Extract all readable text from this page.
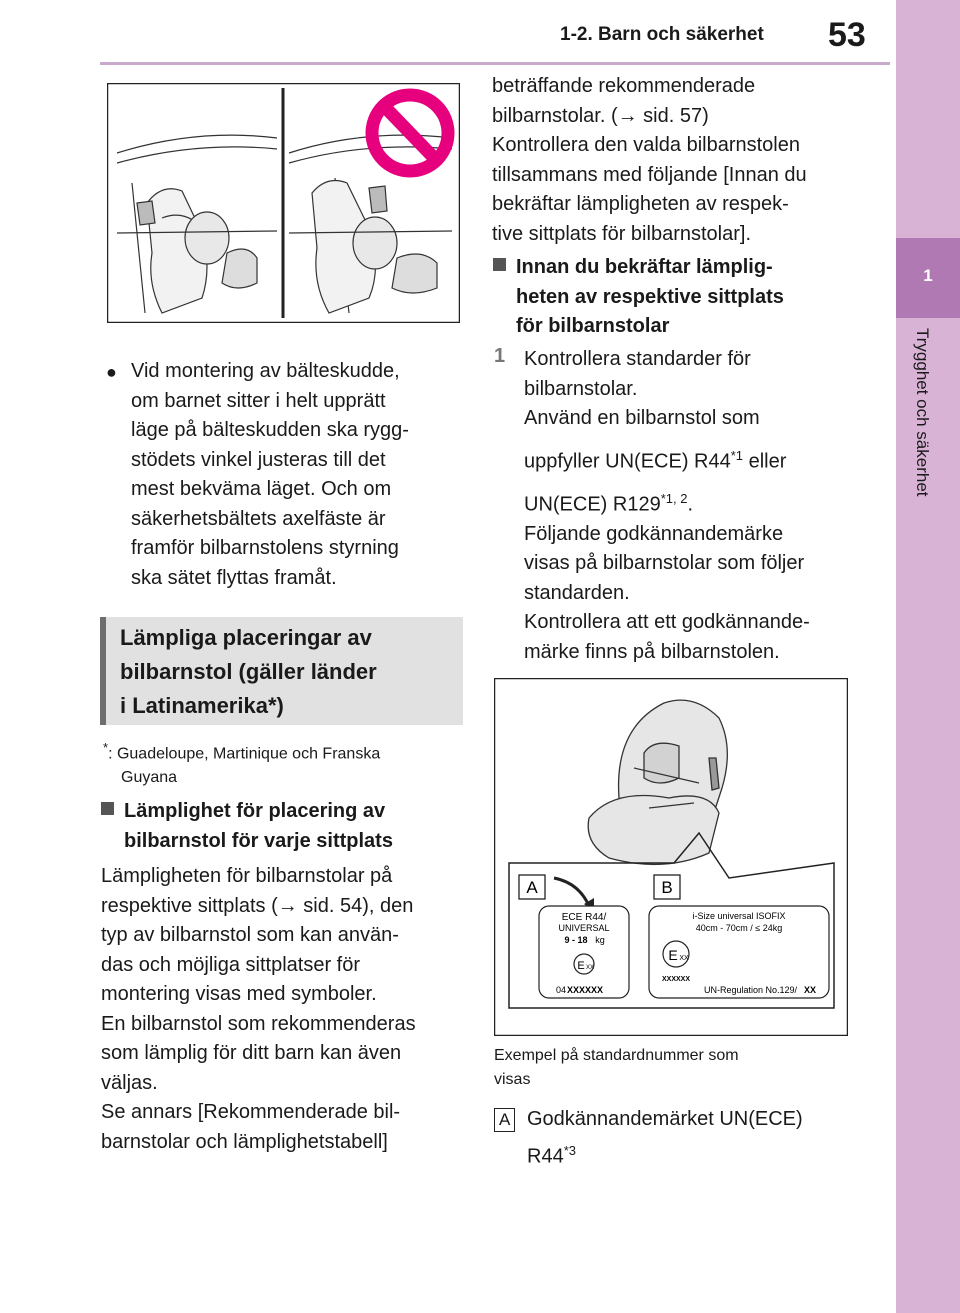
1-2. Barn och säkerhet 53
1
Trygghet och säkerhet
● Vid montering av bälteskudde,
om barnet sitter i helt upprätt
läge på bälteskudden ska rygg-
stödets vinkel justeras till det
mest bekväma läget. Och om
säkerhetsbältets axelfäste är
framför bilbarnstolens styrning
ska sätet flyttas framåt.
Lämpliga placeringar av
bilbarnstol (gäller länder
i Latinamerika*)
*: Guadeloupe, Martinique och Franska
Guyana
Lämplighet för placering av
bilbarnstol för varje sittplats
Lämpligheten för bilbarnstolar på
respektive sittplats (→ sid. 54), den
typ av bilbarnstol som kan använ-
das och möjliga sittplatser för
montering visas med symboler.
En bilbarnstol som rekommenderas
som lämplig för ditt barn kan även
väljas.
Se annars [Rekommenderade bil-
barnstolar och lämplighetstabell]
beträffande rekommenderade
bilbarnstolar. (→ sid. 57)
Kontrollera den valda bilbarnstolen
tillsammans med följande [Innan du
bekräftar lämpligheten av respek-
tive sittplats för bilbarnstolar].
Innan du bekräftar lämplig-
heten av respektive sittplats
för bilbarnstolar
1 Kontrollera standarder för
bilbarnstolar.
Använd en bilbarnstol som
uppfyller UN(ECE) R44$^{*1}$ eller
UN(ECE) R129$^{*1, 2}$.
Följande godkännandemärke
visas på bilbarnstolar som följer
standarden.
Kontrollera att ett godkännande-
märke finns på bilbarnstolen.
A	B
ECE R44/
UNIVERSAL
9 - 18 kg
E XX
04 XXXXXX
i-Size universal ISOFIX
40cm - 70cm / ≤ 24kg
E XX
XXXXXX
UN-Regulation No.129/ XX
Exempel på standardnummer som
visas
A Godkännandemärket UN(ECE)
R44$^{*3}$
